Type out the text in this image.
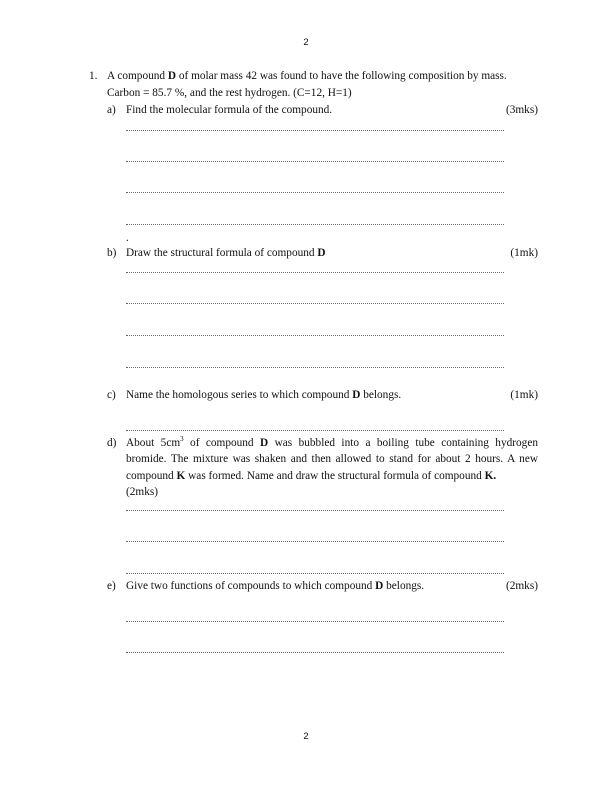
2
1. A compound D of molar mass 42 was found to have the following composition by mass.
Carbon = 85.7 %, and the rest hydrogen. (C=12, H=1)
a) Find the molecular formula of the compound.	(3mks)
.
b) Draw the structural formula of compound D	(1mk)
c) Name the homologous series to which compound D belongs.	(1mk)
d) About $5cm^3$ of compound D was bubbled into a boiling tube containing hydrogen bromide. The mixture was shaken and then allowed to stand for about 2 hours. A new compound K was formed. Name and draw the structural formula of compound K.
(2mks)
e) Give two functions of compounds to which compound D belongs.	(2mks)
2
